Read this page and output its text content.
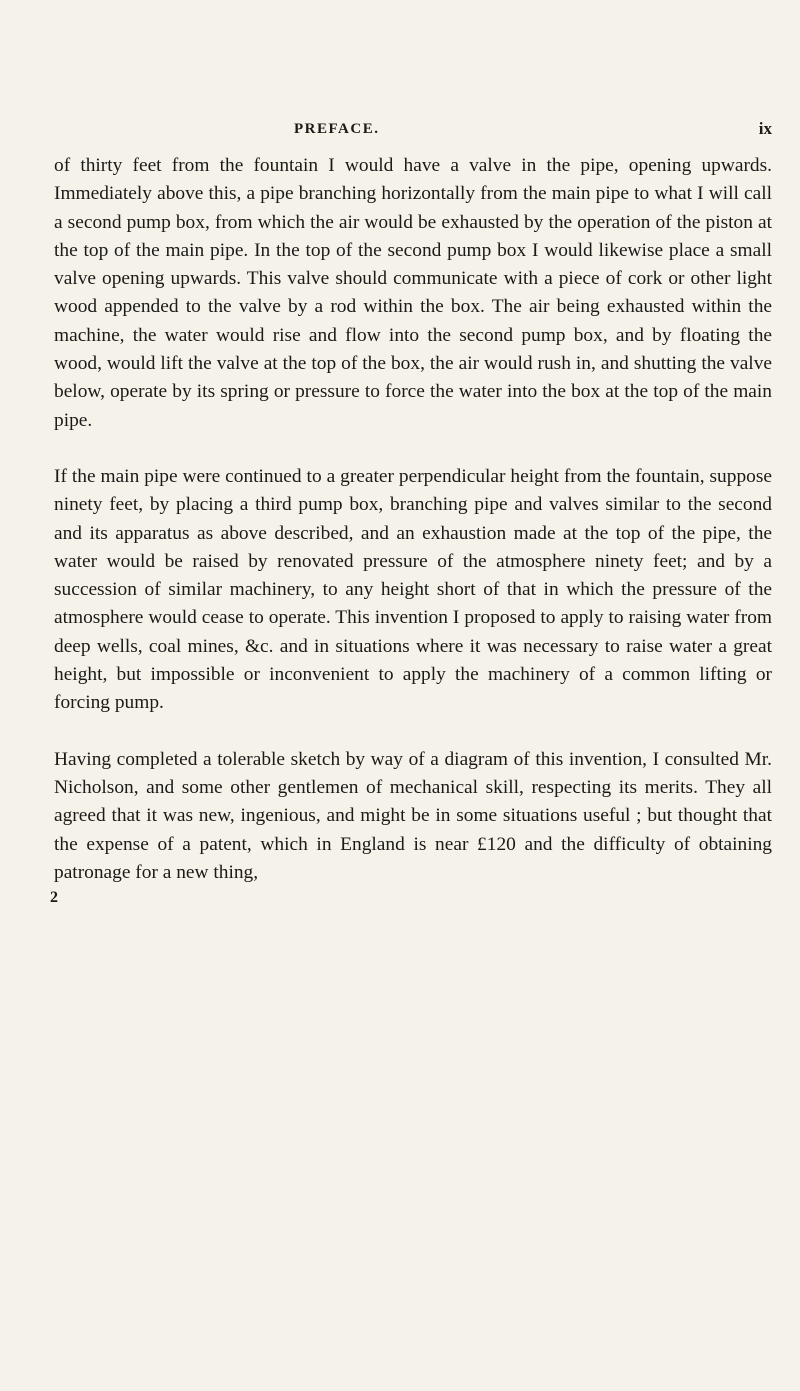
PREFACE.	ix

of thirty feet from the fountain I would have a valve in the pipe, opening upwards. Immediately above this, a pipe branching horizontally from the main pipe to what I will call a second pump box, from which the air would be exhausted by the operation of the piston at the top of the main pipe. In the top of the second pump box I would likewise place a small valve opening upwards. This valve should communicate with a piece of cork or other light wood appended to the valve by a rod within the box. The air being exhausted within the machine, the water would rise and flow into the second pump box, and by floating the wood, would lift the valve at the top of the box, the air would rush in, and shutting the valve below, operate by its spring or pressure to force the water into the box at the top of the main pipe.

If the main pipe were continued to a greater perpendicular height from the fountain, suppose ninety feet, by placing a third pump box, branching pipe and valves similar to the second and its apparatus as above described, and an exhaustion made at the top of the pipe, the water would be raised by renovated pressure of the atmosphere ninety feet; and by a succession of similar machinery, to any height short of that in which the pressure of the atmosphere would cease to operate. This invention I proposed to apply to raising water from deep wells, coal mines, &c. and in situations where it was necessary to raise water a great height, but impossible or inconvenient to apply the machinery of a common lifting or forcing pump.

Having completed a tolerable sketch by way of a diagram of this invention, I consulted Mr. Nicholson, and some other gentlemen of mechanical skill, respecting its merits. They all agreed that it was new, ingenious, and might be in some situations useful ; but thought that the expense of a patent, which in England is near £120 and the difficulty of obtaining patronage for a new thing,

2
